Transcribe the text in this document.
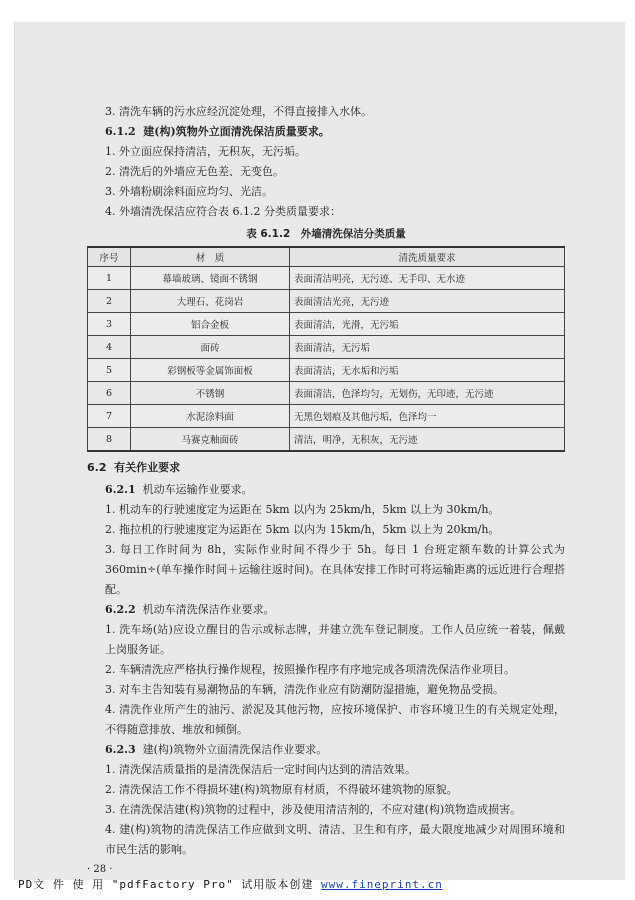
3. 清洗车辆的污水应经沉淀处理，不得直接排入水体。

6.1.2 建(构)筑物外立面清洗保洁质量要求。

1. 外立面应保持清洁，无积灰，无污垢。

2. 清洗后的外墙应无色差、无变色。

3. 外墙粉刷涂料面应均匀、光洁。

4. 外墙清洗保洁应符合表 6.1.2 分类质量要求：

表 6.1.2　外墙清洗保洁分类质量
序号	材　质	清洗质量要求
1	幕墙玻璃、镜面不锈钢	表面清洁明亮，无污迹、无手印、无水迹
2	大理石、花岗岩	表面清洁光亮，无污迹
3	铝合金板	表面清洁，光滑，无污垢
4	面砖	表面清洁，无污垢
5	彩钢板等金属饰面板	表面清洁，无水垢和污垢
6	不锈钢	表面清洁，色泽均匀，无划伤，无印迹，无污迹
7	水泥涂料面	无黑色划痕及其他污垢，色泽均一
8	马赛克釉面砖	清洁，明净，无积灰，无污迹
6.2 有关作业要求

6.2.1 机动车运输作业要求。

1. 机动车的行驶速度定为运距在 5km 以内为 25km/h，5km 以上为 30km/h。

2. 拖拉机的行驶速度定为运距在 5km 以内为 15km/h，5km 以上为 20km/h。

3. 每日工作时间为 8h，实际作业时间不得少于 5h。每日 1 台班定额车数的计算公式为 360min÷(单车操作时间＋运输往返时间)。在具体安排工作时可将运输距离的远近进行合理搭配。

6.2.2 机动车清洗保洁作业要求。

1. 洗车场(站)应设立醒目的告示或标志牌，并建立洗车登记制度。工作人员应统一着装，佩戴上岗服务证。

2. 车辆清洗应严格执行操作规程，按照操作程序有序地完成各项清洗保洁作业项目。

3. 对车主告知装有易潮物品的车辆，清洗作业应有防潮防湿措施，避免物品受损。

4. 清洗作业所产生的油污、淤泥及其他污物，应按环境保护、市容环境卫生的有关规定处理，不得随意排放、堆放和倾倒。

6.2.3 建(构)筑物外立面清洗保洁作业要求。

1. 清洗保洁质量指的是清洗保洁后一定时间内达到的清洁效果。

2. 清洗保洁工作不得损坏建(构)筑物原有材质，不得破坏建筑物的原貌。

3. 在清洗保洁建(构)筑物的过程中，涉及使用清洁剂的，不应对建(构)筑物造成损害。

4. 建(构)筑物的清洗保洁工作应做到文明、清洁、卫生和有序，最大限度地减少对周围环境和市民生活的影响。

· 28 ·
PD文 件 使 用 "pdfFactory Pro" 试用版本创建 www.fineprint.cn
